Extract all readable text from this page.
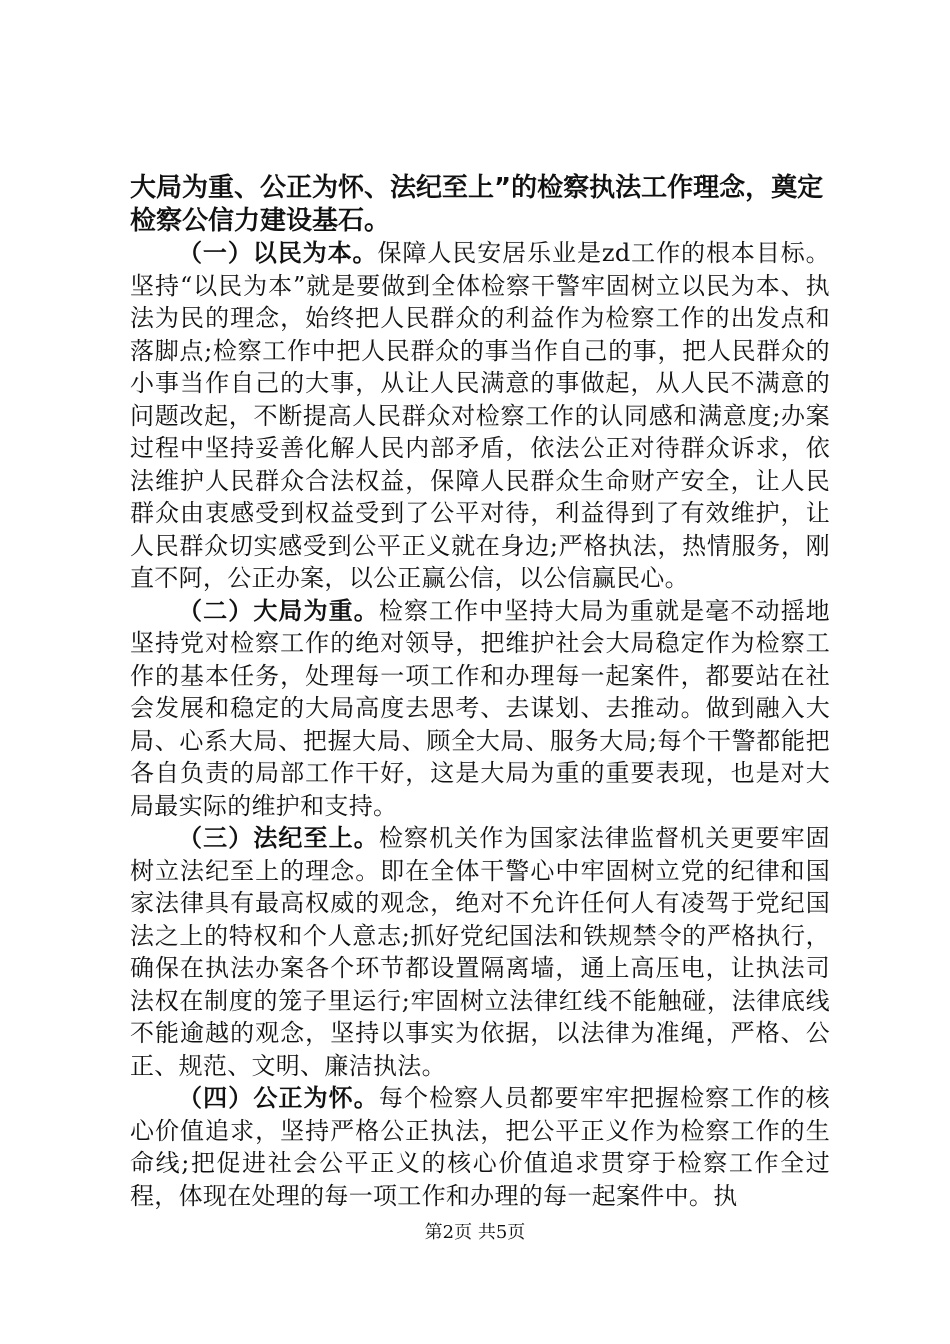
大局为重、公正为怀、法纪至上”的检察执法工作理念，奠定
检察公信力建设基石。

（一）以民为本。保障人民安居乐业是zd工作的根本目标。坚持“以民为本”就是要做到全体检察干警牢固树立以民为本、执法为民的理念，始终把人民群众的利益作为检察工作的出发点和落脚点;检察工作中把人民群众的事当作自己的事，把人民群众的小事当作自己的大事，从让人民满意的事做起，从人民不满意的问题改起，不断提高人民群众对检察工作的认同感和满意度;办案过程中坚持妥善化解人民内部矛盾，依法公正对待群众诉求，依法维护人民群众合法权益，保障人民群众生命财产安全，让人民群众由衷感受到权益受到了公平对待，利益得到了有效维护，让人民群众切实感受到公平正义就在身边;严格执法，热情服务，刚直不阿，公正办案，以公正赢公信，以公信赢民心。

（二）大局为重。检察工作中坚持大局为重就是毫不动摇地坚持党对检察工作的绝对领导，把维护社会大局稳定作为检察工作的基本任务，处理每一项工作和办理每一起案件，都要站在社会发展和稳定的大局高度去思考、去谋划、去推动。做到融入大局、心系大局、把握大局、顾全大局、服务大局;每个干警都能把各自负责的局部工作干好，这是大局为重的重要表现，也是对大局最实际的维护和支持。

（三）法纪至上。检察机关作为国家法律监督机关更要牢固树立法纪至上的理念。即在全体干警心中牢固树立党的纪律和国家法律具有最高权威的观念，绝对不允许任何人有凌驾于党纪国法之上的特权和个人意志;抓好党纪国法和铁规禁令的严格执行，确保在执法办案各个环节都设置隔离墙，通上高压电，让执法司法权在制度的笼子里运行;牢固树立法律红线不能触碰，法律底线不能逾越的观念，坚持以事实为依据，以法律为准绳，严格、公正、规范、文明、廉洁执法。

（四）公正为怀。每个检察人员都要牢牢把握检察工作的核心价值追求，坚持严格公正执法，把公平正义作为检察工作的生命线;把促进社会公平正义的核心价值追求贯穿于检察工作全过程，体现在处理的每一项工作和办理的每一起案件中。执

第2页 共5页
